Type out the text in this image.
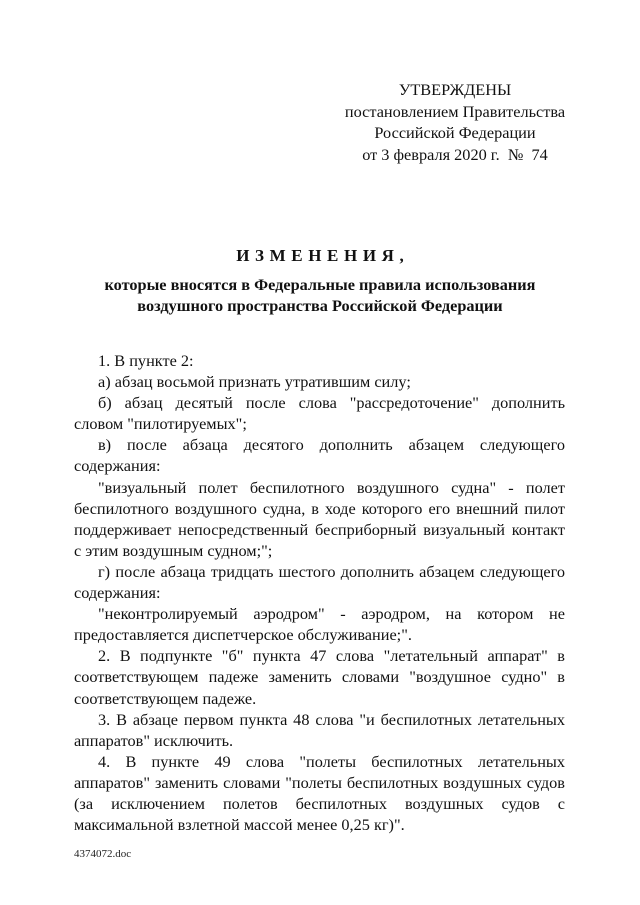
УТВЕРЖДЕНЫ
постановлением Правительства
Российской Федерации
от 3 февраля 2020 г.  №  74
ИЗМЕНЕНИЯ,
которые вносятся в Федеральные правила использования воздушного пространства Российской Федерации

1. В пункте 2:

а) абзац восьмой признать утратившим силу;

б) абзац десятый после слова "рассредоточение" дополнить словом "пилотируемых";

в) после абзаца десятого дополнить абзацем следующего содержания:

"визуальный полет беспилотного воздушного судна" - полет беспилотного воздушного судна, в ходе которого его внешний пилот поддерживает непосредственный бесприборный визуальный контакт с этим воздушным судном;";

г) после абзаца тридцать шестого дополнить абзацем следующего содержания:

"неконтролируемый аэродром" - аэродром, на котором не предоставляется диспетчерское обслуживание;".

2. В подпункте "б" пункта 47 слова "летательный аппарат" в соответствующем падеже заменить словами "воздушное судно" в соответствующем падеже.

3. В абзаце первом пункта 48 слова "и беспилотных летательных аппаратов" исключить.

4. В пункте 49 слова "полеты беспилотных летательных аппаратов" заменить словами "полеты беспилотных воздушных судов (за исключением полетов беспилотных воздушных судов с максимальной взлетной массой менее 0,25 кг)".

4374072.doc
